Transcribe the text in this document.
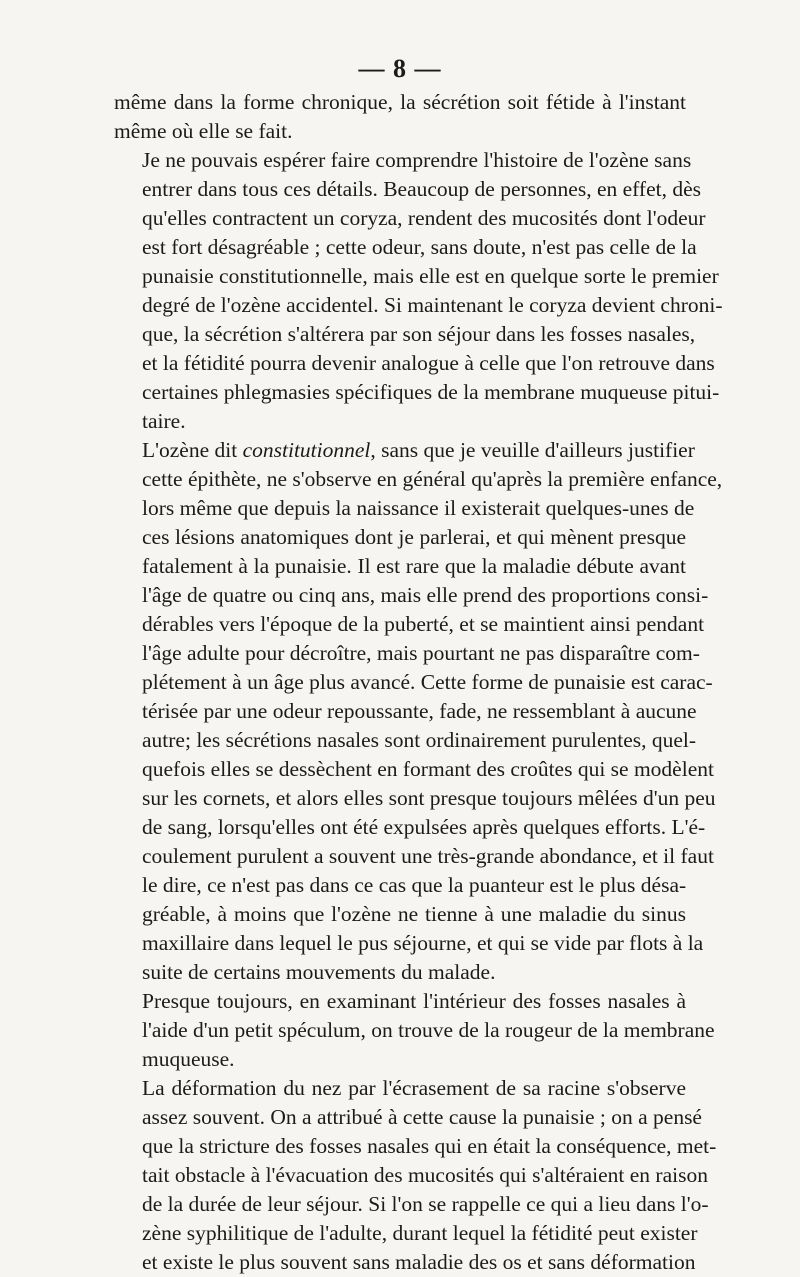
— 8 —

même dans la forme chronique, la sécrétion soit fétide à l'instant
même où elle se fait.

Je ne pouvais espérer faire comprendre l'histoire de l'ozène sans
entrer dans tous ces détails. Beaucoup de personnes, en effet, dès
qu'elles contractent un coryza, rendent des mucosités dont l'odeur
est fort désagréable ; cette odeur, sans doute, n'est pas celle de la
punaisie constitutionnelle, mais elle est en quelque sorte le premier
degré de l'ozène accidentel. Si maintenant le coryza devient chroni-
que, la sécrétion s'altérera par son séjour dans les fosses nasales,
et la fétidité pourra devenir analogue à celle que l'on retrouve dans
certaines phlegmasies spécifiques de la membrane muqueuse pitui-
taire.

L'ozène dit constitutionnel, sans que je veuille d'ailleurs justifier
cette épithète, ne s'observe en général qu'après la première enfance,
lors même que depuis la naissance il existerait quelques-unes de
ces lésions anatomiques dont je parlerai, et qui mènent presque
fatalement à la punaisie. Il est rare que la maladie débute avant
l'âge de quatre ou cinq ans, mais elle prend des proportions consi-
dérables vers l'époque de la puberté, et se maintient ainsi pendant
l'âge adulte pour décroître, mais pourtant ne pas disparaître com-
plétement à un âge plus avancé. Cette forme de punaisie est carac-
térisée par une odeur repoussante, fade, ne ressemblant à aucune
autre; les sécrétions nasales sont ordinairement purulentes, quel-
quefois elles se dessèchent en formant des croûtes qui se modèlent
sur les cornets, et alors elles sont presque toujours mêlées d'un peu
de sang, lorsqu'elles ont été expulsées après quelques efforts. L'é-
coulement purulent a souvent une très-grande abondance, et il faut
le dire, ce n'est pas dans ce cas que la puanteur est le plus désa-
gréable, à moins que l'ozène ne tienne à une maladie du sinus
maxillaire dans lequel le pus séjourne, et qui se vide par flots à la
suite de certains mouvements du malade.

Presque toujours, en examinant l'intérieur des fosses nasales à
l'aide d'un petit spéculum, on trouve de la rougeur de la membrane
muqueuse.

La déformation du nez par l'écrasement de sa racine s'observe
assez souvent. On a attribué à cette cause la punaisie ; on a pensé
que la stricture des fosses nasales qui en était la conséquence, met-
tait obstacle à l'évacuation des mucosités qui s'altéraient en raison
de la durée de leur séjour. Si l'on se rappelle ce qui a lieu dans l'o-
zène syphilitique de l'adulte, durant lequel la fétidité peut exister
et existe le plus souvent sans maladie des os et sans déformation
